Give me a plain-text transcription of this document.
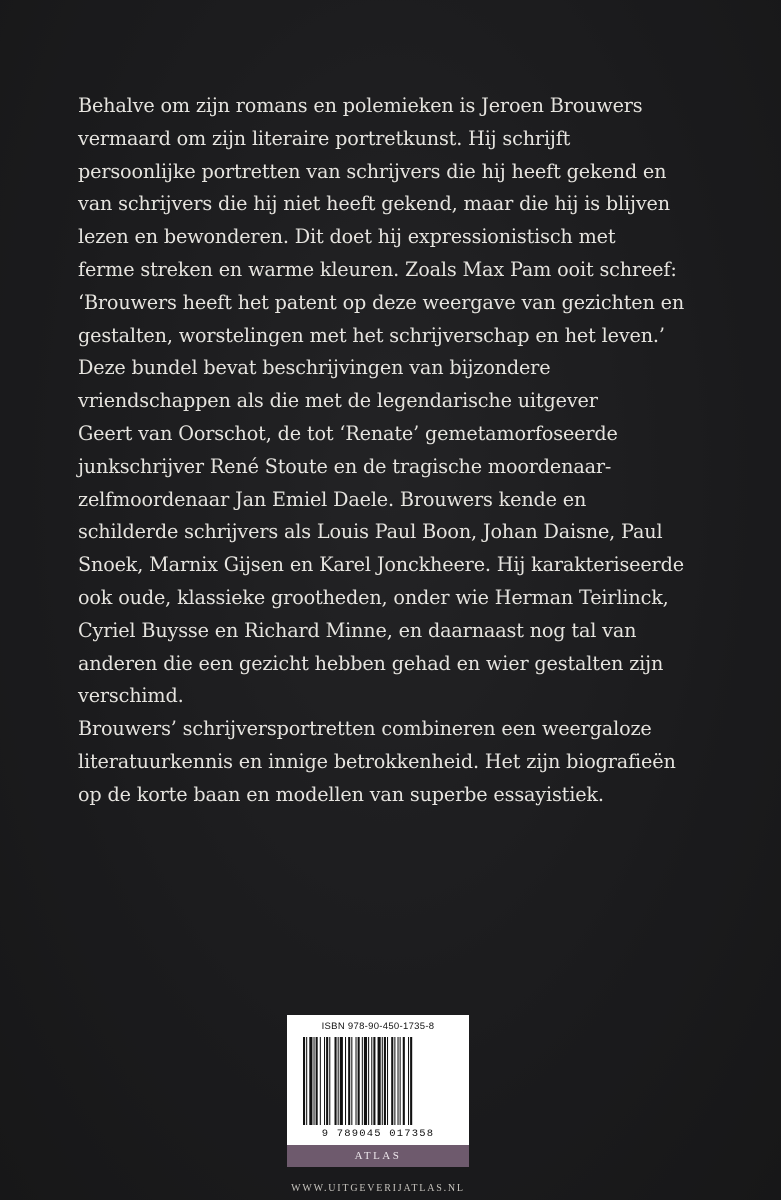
Behalve om zijn romans en polemieken is Jeroen Brouwers
vermaard om zijn literaire portretkunst. Hij schrijft
persoonlijke portretten van schrijvers die hij heeft gekend en
van schrijvers die hij niet heeft gekend, maar die hij is blijven
lezen en bewonderen. Dit doet hij expressionistisch met
ferme streken en warme kleuren. Zoals Max Pam ooit schreef:
‘Brouwers heeft het patent op deze weergave van gezichten en
gestalten, worstelingen met het schrijverschap en het leven.’
Deze bundel bevat beschrijvingen van bijzondere
vriendschappen als die met de legendarische uitgever
Geert van Oorschot, de tot ‘Renate’ gemetamorfoseerde
junkschrijver René Stoute en de tragische moordenaar-
zelfmoordenaar Jan Emiel Daele. Brouwers kende en
schilderde schrijvers als Louis Paul Boon, Johan Daisne, Paul
Snoek, Marnix Gijsen en Karel Jonckheere. Hij karakteriseerde
ook oude, klassieke grootheden, onder wie Herman Teirlinck,
Cyriel Buysse en Richard Minne, en daarnaast nog tal van
anderen die een gezicht hebben gehad en wier gestalten zijn
verschimd.
Brouwers’ schrijversportretten combineren een weergaloze
literatuurkennis en innige betrokkenheid. Het zijn biografieën
op de korte baan en modellen van superbe essayistiek.
ISBN 978-90-450-1735-8
9 789045 017358
ATLAS
WWW.UITGEVERIJATLAS.NL
